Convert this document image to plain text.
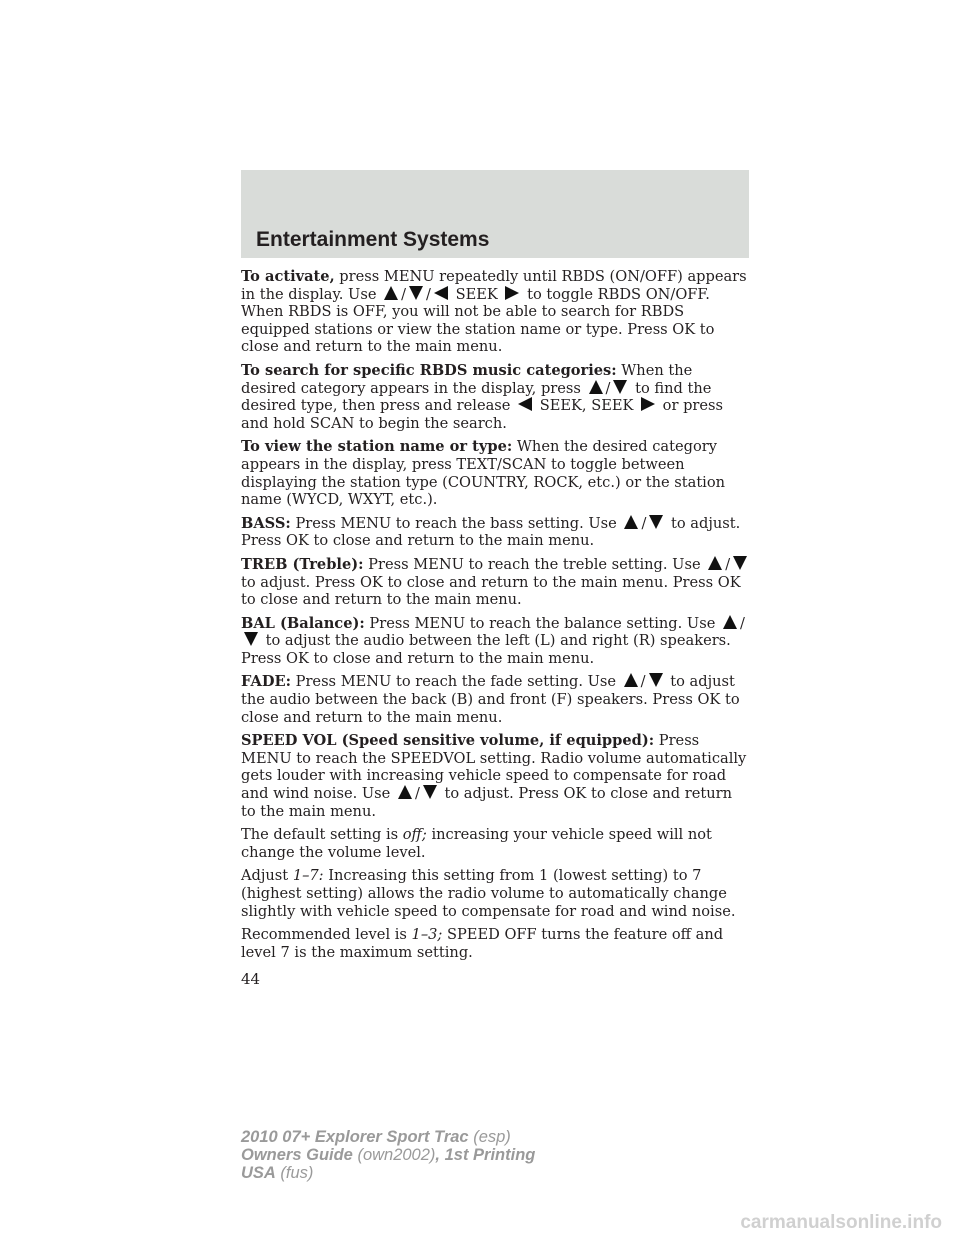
Entertainment Systems

To activate, press MENU repeatedly until RBDS (ON/OFF) appears in the display. Use / / SEEK  to toggle RBDS ON/OFF. When RBDS is OFF, you will not be able to search for RBDS equipped stations or view the station name or type. Press OK to close and return to the main menu.

To search for specific RBDS music categories: When the desired category appears in the display, press / to find the desired type, then press and release  SEEK, SEEK  or press and hold SCAN to begin the search.

To view the station name or type: When the desired category appears in the display, press TEXT/SCAN to toggle between displaying the station type (COUNTRY, ROCK, etc.) or the station name (WYCD, WXYT, etc.).

BASS: Press MENU to reach the bass setting. Use / to adjust. Press OK to close and return to the main menu.

TREB (Treble): Press MENU to reach the treble setting. Use / to adjust. Press OK to close and return to the main menu. Press OK to close and return to the main menu.

BAL (Balance): Press MENU to reach the balance setting. Use / to adjust the audio between the left (L) and right (R) speakers. Press OK to close and return to the main menu.

FADE: Press MENU to reach the fade setting. Use / to adjust the audio between the back (B) and front (F) speakers. Press OK to close and return to the main menu.

SPEED VOL (Speed sensitive volume, if equipped): Press MENU to reach the SPEEDVOL setting. Radio volume automatically gets louder with increasing vehicle speed to compensate for road and wind noise. Use / to adjust. Press OK to close and return to the main menu.

The default setting is off; increasing your vehicle speed will not change the volume level.

Adjust 1–7: Increasing this setting from 1 (lowest setting) to 7 (highest setting) allows the radio volume to automatically change slightly with vehicle speed to compensate for road and wind noise.

Recommended level is 1–3; SPEED OFF turns the feature off and level 7 is the maximum setting.

44
2010 07+ Explorer Sport Trac (esp)
Owners Guide (own2002), 1st Printing
USA (fus)
carmanualsonline.info
